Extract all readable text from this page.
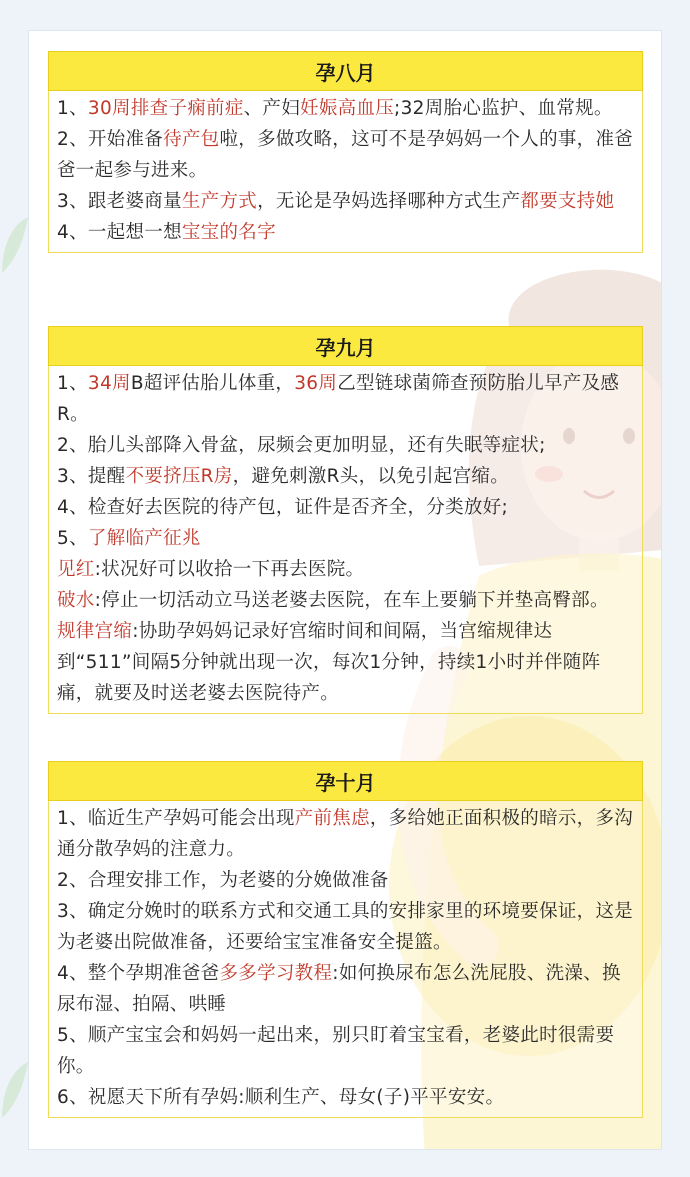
孕八月

1、30周排查子痫前症、产妇妊娠高血压;32周胎心监护、血常规。

2、开始准备待产包啦，多做攻略，这可不是孕妈妈一个人的事，准爸爸一起参与进来。

3、跟老婆商量生产方式，无论是孕妈选择哪种方式生产都要支持她

4、一起想一想宝宝的名字

孕九月

1、34周B超评估胎儿体重，36周乙型链球菌筛查预防胎儿早产及感R。

2、胎儿头部降入骨盆，尿频会更加明显，还有失眠等症状;

3、提醒不要挤压R房，避免刺激R头，以免引起宫缩。

4、检查好去医院的待产包，证件是否齐全，分类放好;

5、了解临产征兆

见红:状况好可以收拾一下再去医院。

破水:停止一切活动立马送老婆去医院，在车上要躺下并垫高臀部。

规律宫缩:协助孕妈妈记录好宫缩时间和间隔，当宫缩规律达到“511”间隔5分钟就出现一次，每次1分钟，持续1小时并伴随阵痛，就要及时送老婆去医院待产。

孕十月

1、临近生产孕妈可能会出现产前焦虑，多给她正面积极的暗示，多沟通分散孕妈的注意力。

2、合理安排工作，为老婆的分娩做准备

3、确定分娩时的联系方式和交通工具的安排家里的环境要保证，这是为老婆出院做准备，还要给宝宝准备安全提篮。

4、整个孕期准爸爸多多学习教程:如何换尿布怎么洗屁股、洗澡、换尿布湿、拍隔、哄睡

5、顺产宝宝会和妈妈一起出来，别只盯着宝宝看，老婆此时很需要你。

6、祝愿天下所有孕妈:顺利生产、母女(子)平平安安。
